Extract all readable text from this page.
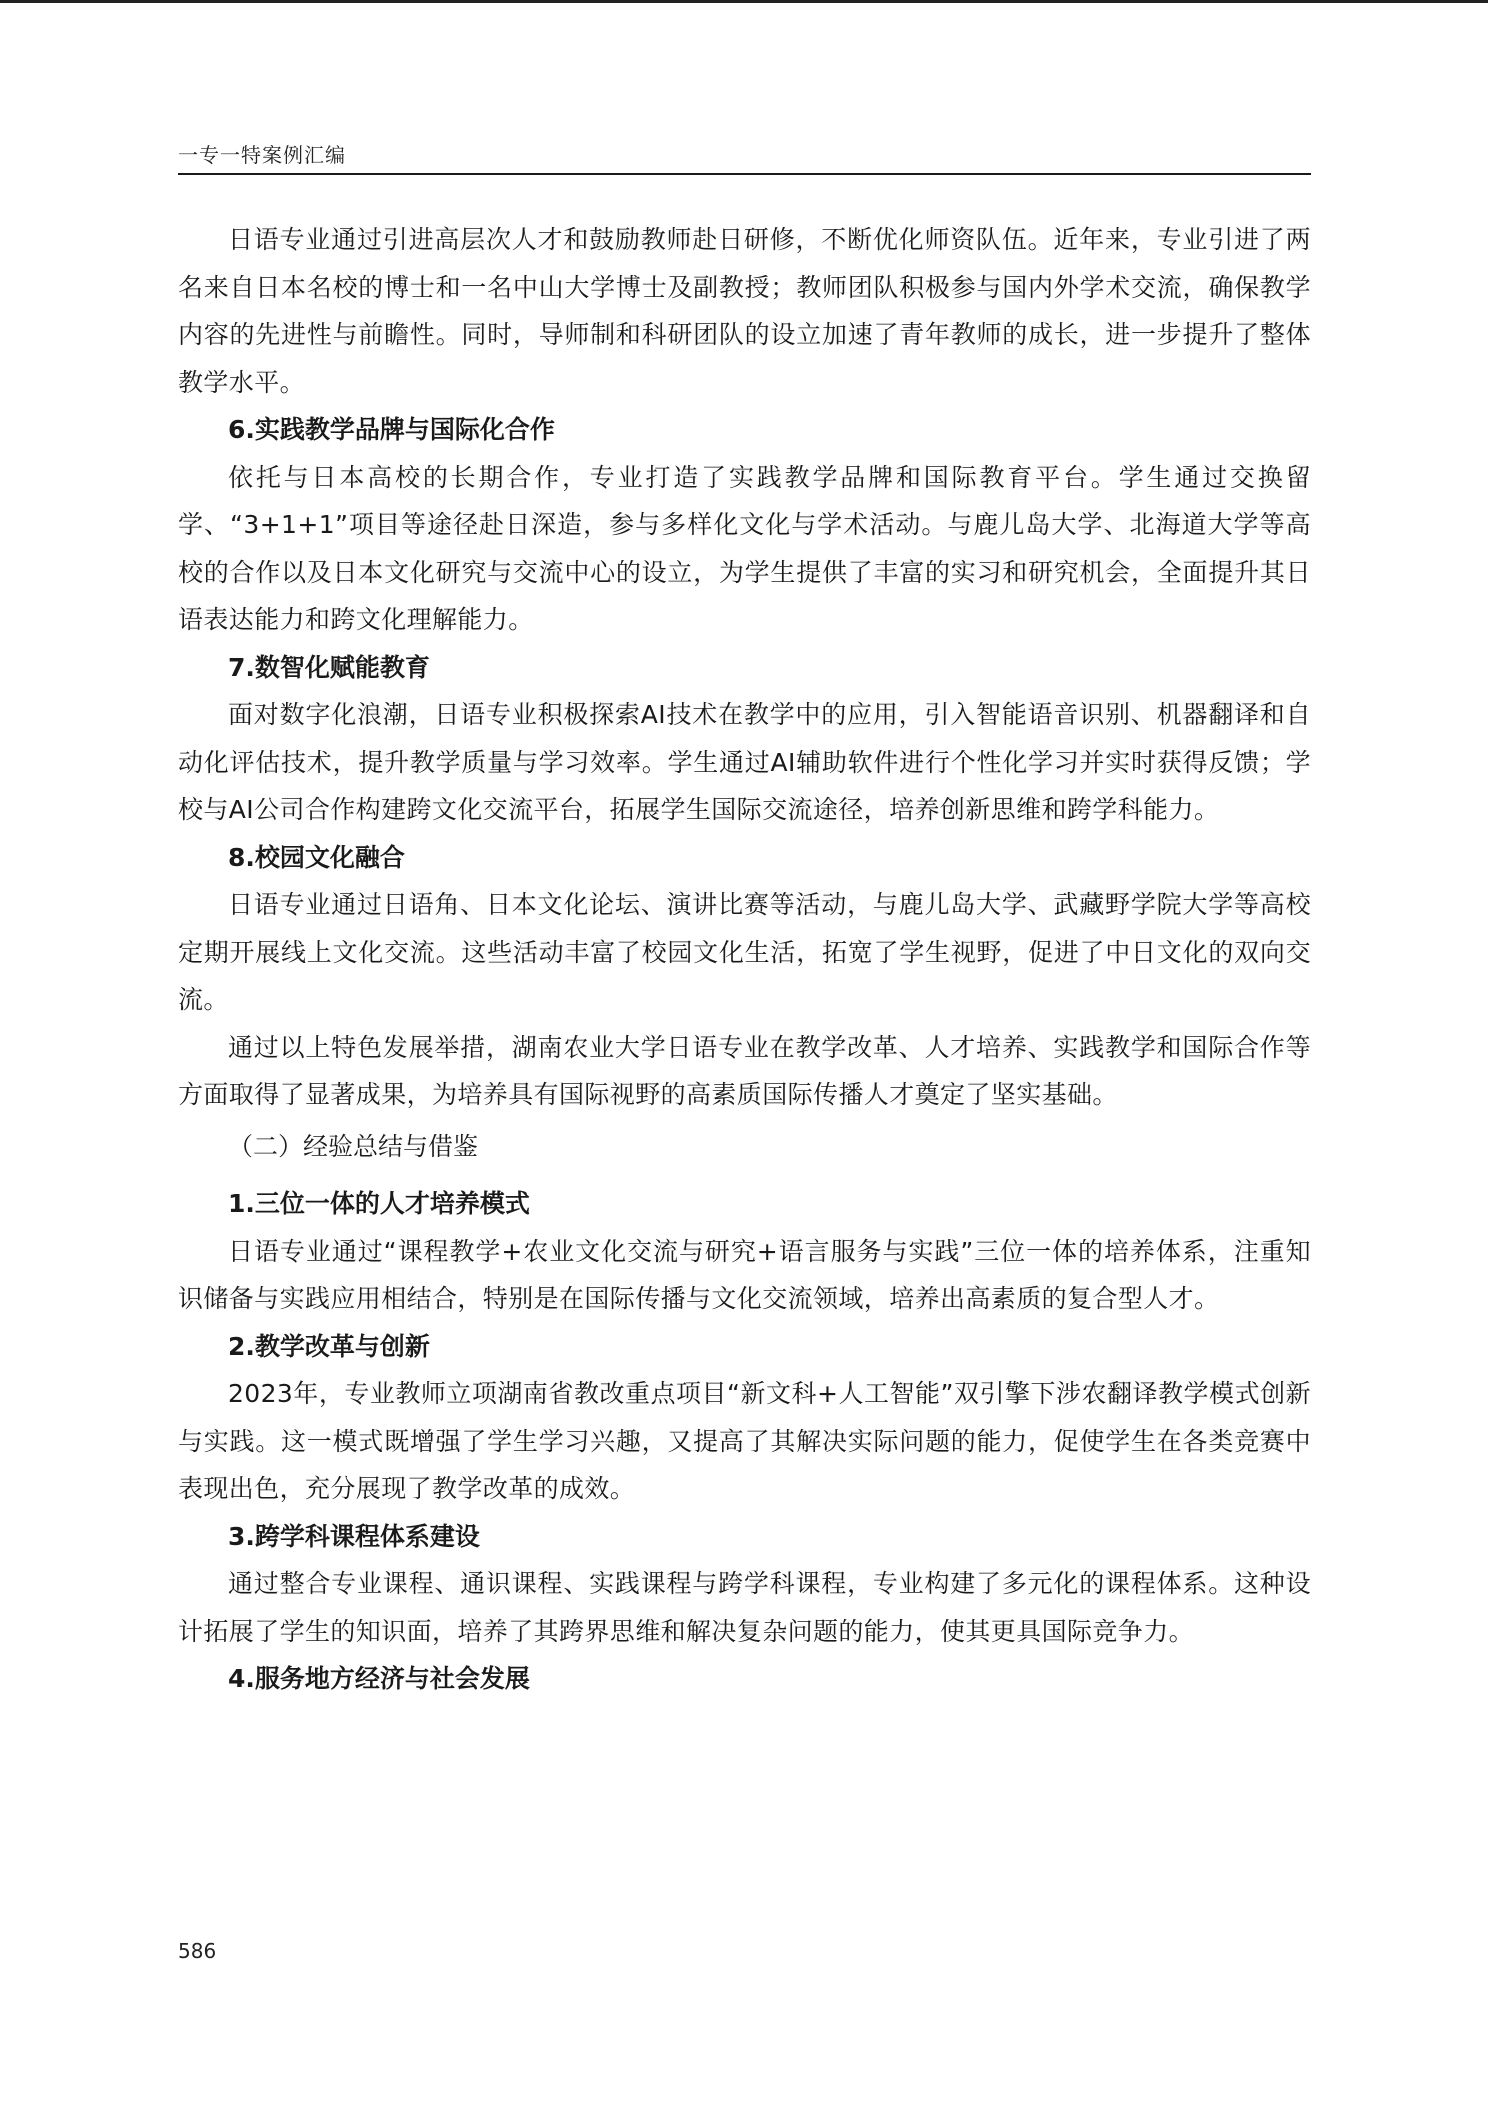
一专一特案例汇编

日语专业通过引进高层次人才和鼓励教师赴日研修，不断优化师资队伍。近年来，专业引进了两名来自日本名校的博士和一名中山大学博士及副教授；教师团队积极参与国内外学术交流，确保教学内容的先进性与前瞻性。同时，导师制和科研团队的设立加速了青年教师的成长，进一步提升了整体教学水平。

6.实践教学品牌与国际化合作

依托与日本高校的长期合作，专业打造了实践教学品牌和国际教育平台。学生通过交换留学、“3+1+1”项目等途径赴日深造，参与多样化文化与学术活动。与鹿儿岛大学、北海道大学等高校的合作以及日本文化研究与交流中心的设立，为学生提供了丰富的实习和研究机会，全面提升其日语表达能力和跨文化理解能力。

7.数智化赋能教育

面对数字化浪潮，日语专业积极探索AI技术在教学中的应用，引入智能语音识别、机器翻译和自动化评估技术，提升教学质量与学习效率。学生通过AI辅助软件进行个性化学习并实时获得反馈；学校与AI公司合作构建跨文化交流平台，拓展学生国际交流途径，培养创新思维和跨学科能力。

8.校园文化融合

日语专业通过日语角、日本文化论坛、演讲比赛等活动，与鹿儿岛大学、武藏野学院大学等高校定期开展线上文化交流。这些活动丰富了校园文化生活，拓宽了学生视野，促进了中日文化的双向交流。

通过以上特色发展举措，湖南农业大学日语专业在教学改革、人才培养、实践教学和国际合作等方面取得了显著成果，为培养具有国际视野的高素质国际传播人才奠定了坚实基础。

（二）经验总结与借鉴

1.三位一体的人才培养模式

日语专业通过“课程教学+农业文化交流与研究+语言服务与实践”三位一体的培养体系，注重知识储备与实践应用相结合，特别是在国际传播与文化交流领域，培养出高素质的复合型人才。

2.教学改革与创新

2023年，专业教师立项湖南省教改重点项目“新文科+人工智能”双引擎下涉农翻译教学模式创新与实践。这一模式既增强了学生学习兴趣，又提高了其解决实际问题的能力，促使学生在各类竞赛中表现出色，充分展现了教学改革的成效。

3.跨学科课程体系建设

通过整合专业课程、通识课程、实践课程与跨学科课程，专业构建了多元化的课程体系。这种设计拓展了学生的知识面，培养了其跨界思维和解决复杂问题的能力，使其更具国际竞争力。

4.服务地方经济与社会发展

586
